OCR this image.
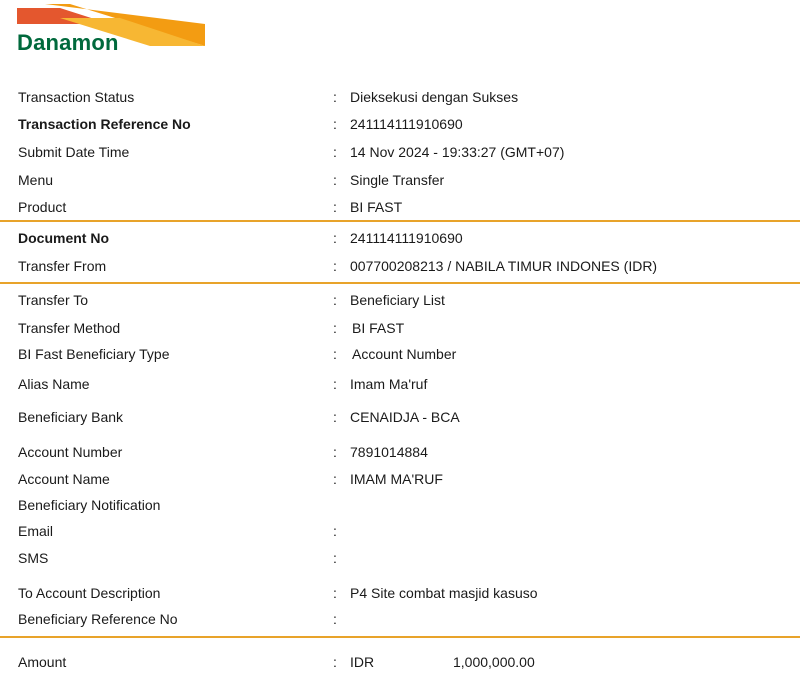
Danamon
Transaction Status	: Dieksekusi dengan Sukses
Transaction Reference No	: 241114111910690
Submit Date Time	: 14 Nov 2024 - 19:33:27 (GMT+07)
Menu	: Single Transfer
Product	: BI FAST
Document No	: 241114111910690
Transfer From	: 007700208213 / NABILA TIMUR INDONES (IDR)
Transfer To	: Beneficiary List
Transfer Method	: BI FAST
BI Fast Beneficiary Type	: Account Number
Alias Name	: Imam Ma'ruf
Beneficiary Bank	: CENAIDJA - BCA
Account Number	: 7891014884
Account Name	: IMAM MA'RUF
Beneficiary Notification
Email	:
SMS	:
To Account Description	: P4 Site combat masjid kasuso
Beneficiary Reference No	:
Amount	: IDR	1,000,000.00
